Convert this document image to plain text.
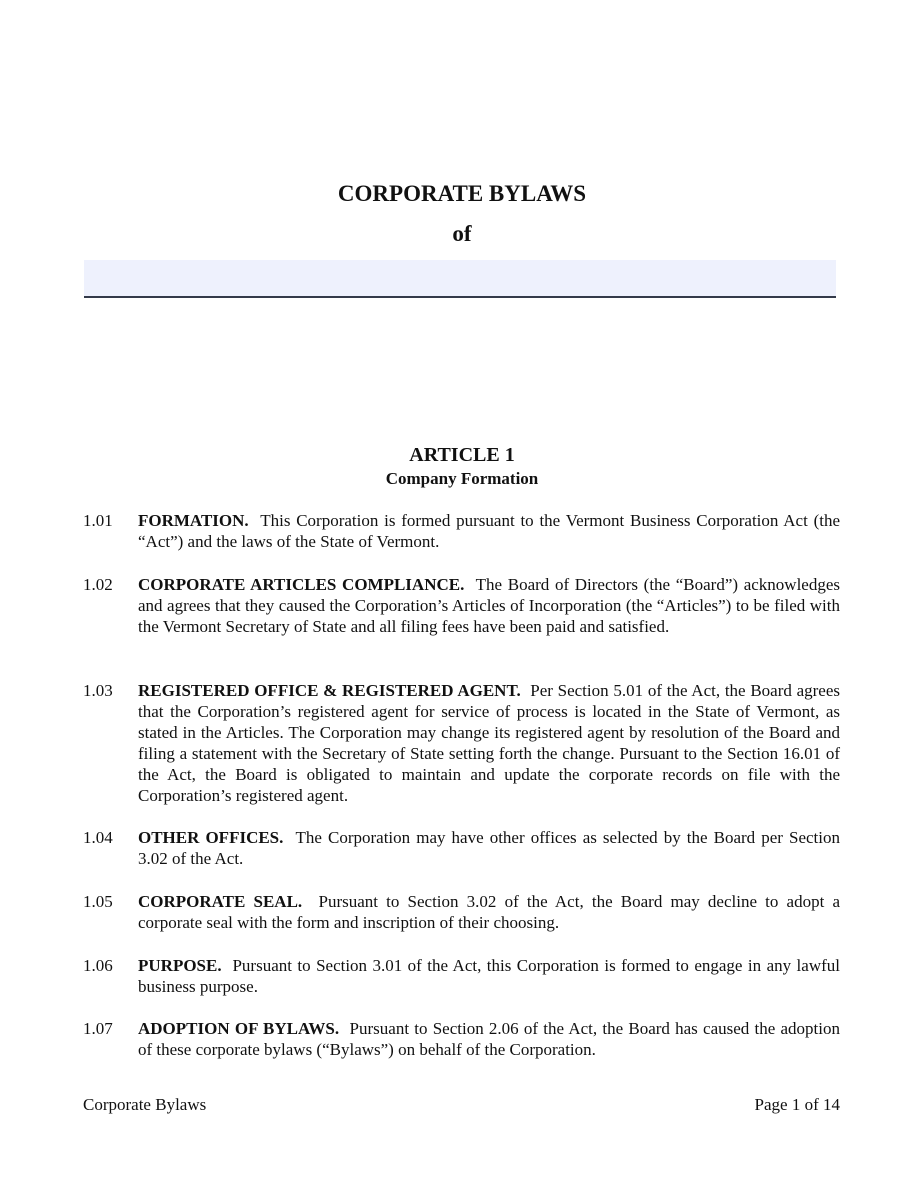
CORPORATE BYLAWS
of
ARTICLE 1
Company Formation
1.01	FORMATION. This Corporation is formed pursuant to the Vermont Business Corporation Act (the “Act”) and the laws of the State of Vermont.
1.02	CORPORATE ARTICLES COMPLIANCE. The Board of Directors (the “Board”) acknowledges and agrees that they caused the Corporation’s Articles of Incorporation (the “Articles”) to be filed with the Vermont Secretary of State and all filing fees have been paid and satisfied.
1.03	REGISTERED OFFICE & REGISTERED AGENT. Per Section 5.01 of the Act, the Board agrees that the Corporation’s registered agent for service of process is located in the State of Vermont, as stated in the Articles. The Corporation may change its registered agent by resolution of the Board and filing a statement with the Secretary of State setting forth the change. Pursuant to the Section 16.01 of the Act, the Board is obligated to maintain and update the corporate records on file with the Corporation’s registered agent.
1.04	OTHER OFFICES. The Corporation may have other offices as selected by the Board per Section 3.02 of the Act.
1.05	CORPORATE SEAL. Pursuant to Section 3.02 of the Act, the Board may decline to adopt a corporate seal with the form and inscription of their choosing.
1.06	PURPOSE. Pursuant to Section 3.01 of the Act, this Corporation is formed to engage in any lawful business purpose.
1.07	ADOPTION OF BYLAWS. Pursuant to Section 2.06 of the Act, the Board has caused the adoption of these corporate bylaws (“Bylaws”) on behalf of the Corporation.
Corporate Bylaws	Page 1 of 14
